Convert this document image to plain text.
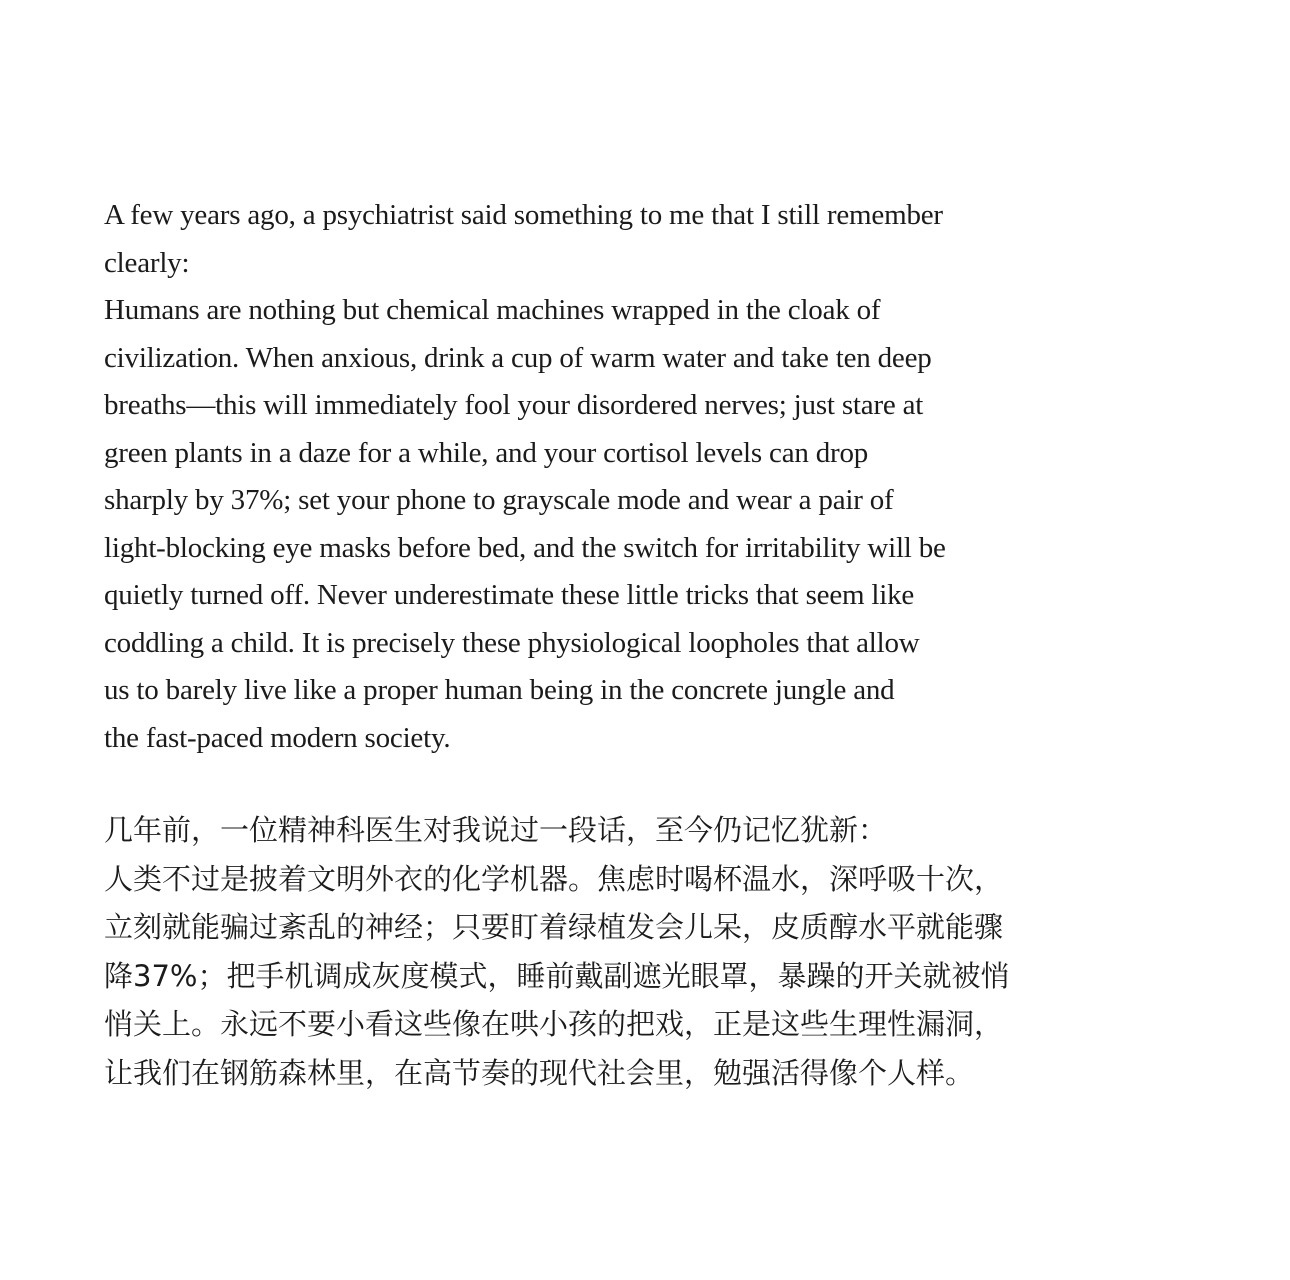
A few years ago, a psychiatrist said something to me that I still remember
clearly:
Humans are nothing but chemical machines wrapped in the cloak of
civilization. When anxious, drink a cup of warm water and take ten deep
breaths—this will immediately fool your disordered nerves; just stare at
green plants in a daze for a while, and your cortisol levels can drop
sharply by 37%; set your phone to grayscale mode and wear a pair of
light-blocking eye masks before bed, and the switch for irritability will be
quietly turned off. Never underestimate these little tricks that seem like
coddling a child. It is precisely these physiological loopholes that allow
us to barely live like a proper human being in the concrete jungle and
the fast-paced modern society.
几年前，一位精神科医生对我说过一段话，至今仍记忆犹新：
人类不过是披着文明外衣的化学机器。焦虑时喝杯温水，深呼吸十次，
立刻就能骗过紊乱的神经；只要盯着绿植发会儿呆，皮质醇水平就能骤
降37%；把手机调成灰度模式，睡前戴副遮光眼罩，暴躁的开关就被悄
悄关上。永远不要小看这些像在哄小孩的把戏，正是这些生理性漏洞，
让我们在钢筋森林里，在高节奏的现代社会里，勉强活得像个人样。
